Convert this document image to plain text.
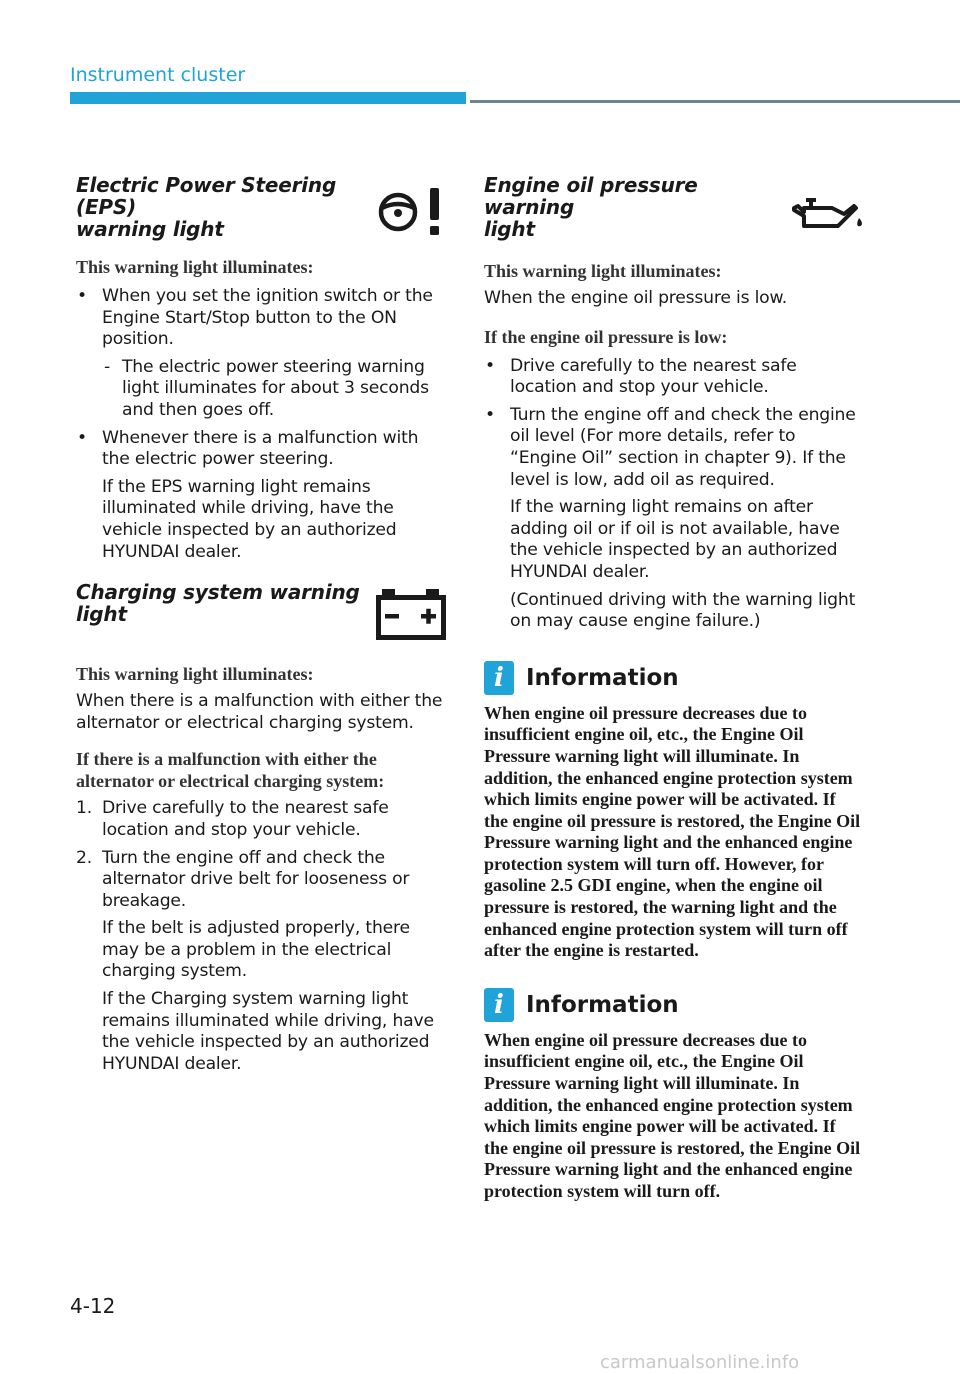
Instrument cluster
Electric Power Steering (EPS)
warning light
This warning light illuminates:
• When you set the ignition switch or the Engine Start/Stop button to the ON position.
- The electric power steering warning light illuminates for about 3 seconds and then goes off.
• Whenever there is a malfunction with the electric power steering.
If the EPS warning light remains illuminated while driving, have the vehicle inspected by an authorized HYUNDAI dealer.
Charging system warning
light
This warning light illuminates:
When there is a malfunction with either the alternator or electrical charging system.
If there is a malfunction with either the alternator or electrical charging system:
1. Drive carefully to the nearest safe location and stop your vehicle.
2. Turn the engine off and check the alternator drive belt for looseness or breakage.
If the belt is adjusted properly, there may be a problem in the electrical charging system.
If the Charging system warning light remains illuminated while driving, have the vehicle inspected by an authorized HYUNDAI dealer.
Engine oil pressure warning
light
This warning light illuminates:
When the engine oil pressure is low.
If the engine oil pressure is low:
• Drive carefully to the nearest safe location and stop your vehicle.
• Turn the engine off and check the engine oil level (For more details, refer to “Engine Oil” section in chapter 9). If the level is low, add oil as required.
If the warning light remains on after adding oil or if oil is not available, have the vehicle inspected by an authorized HYUNDAI dealer.
(Continued driving with the warning light on may cause engine failure.)
i Information
When engine oil pressure decreases due to insufficient engine oil, etc., the Engine Oil Pressure warning light will illuminate. In addition, the enhanced engine protection system which limits engine power will be activated. If the engine oil pressure is restored, the Engine Oil Pressure warning light and the enhanced engine protection system will turn off. However, for gasoline 2.5 GDI engine, when the engine oil pressure is restored, the warning light and the enhanced engine protection system will turn off after the engine is restarted.
i Information
When engine oil pressure decreases due to insufficient engine oil, etc., the Engine Oil Pressure warning light will illuminate. In addition, the enhanced engine protection system which limits engine power will be activated. If the engine oil pressure is restored, the Engine Oil Pressure warning light and the enhanced engine protection system will turn off.
4-12
carmanualsonline.info
